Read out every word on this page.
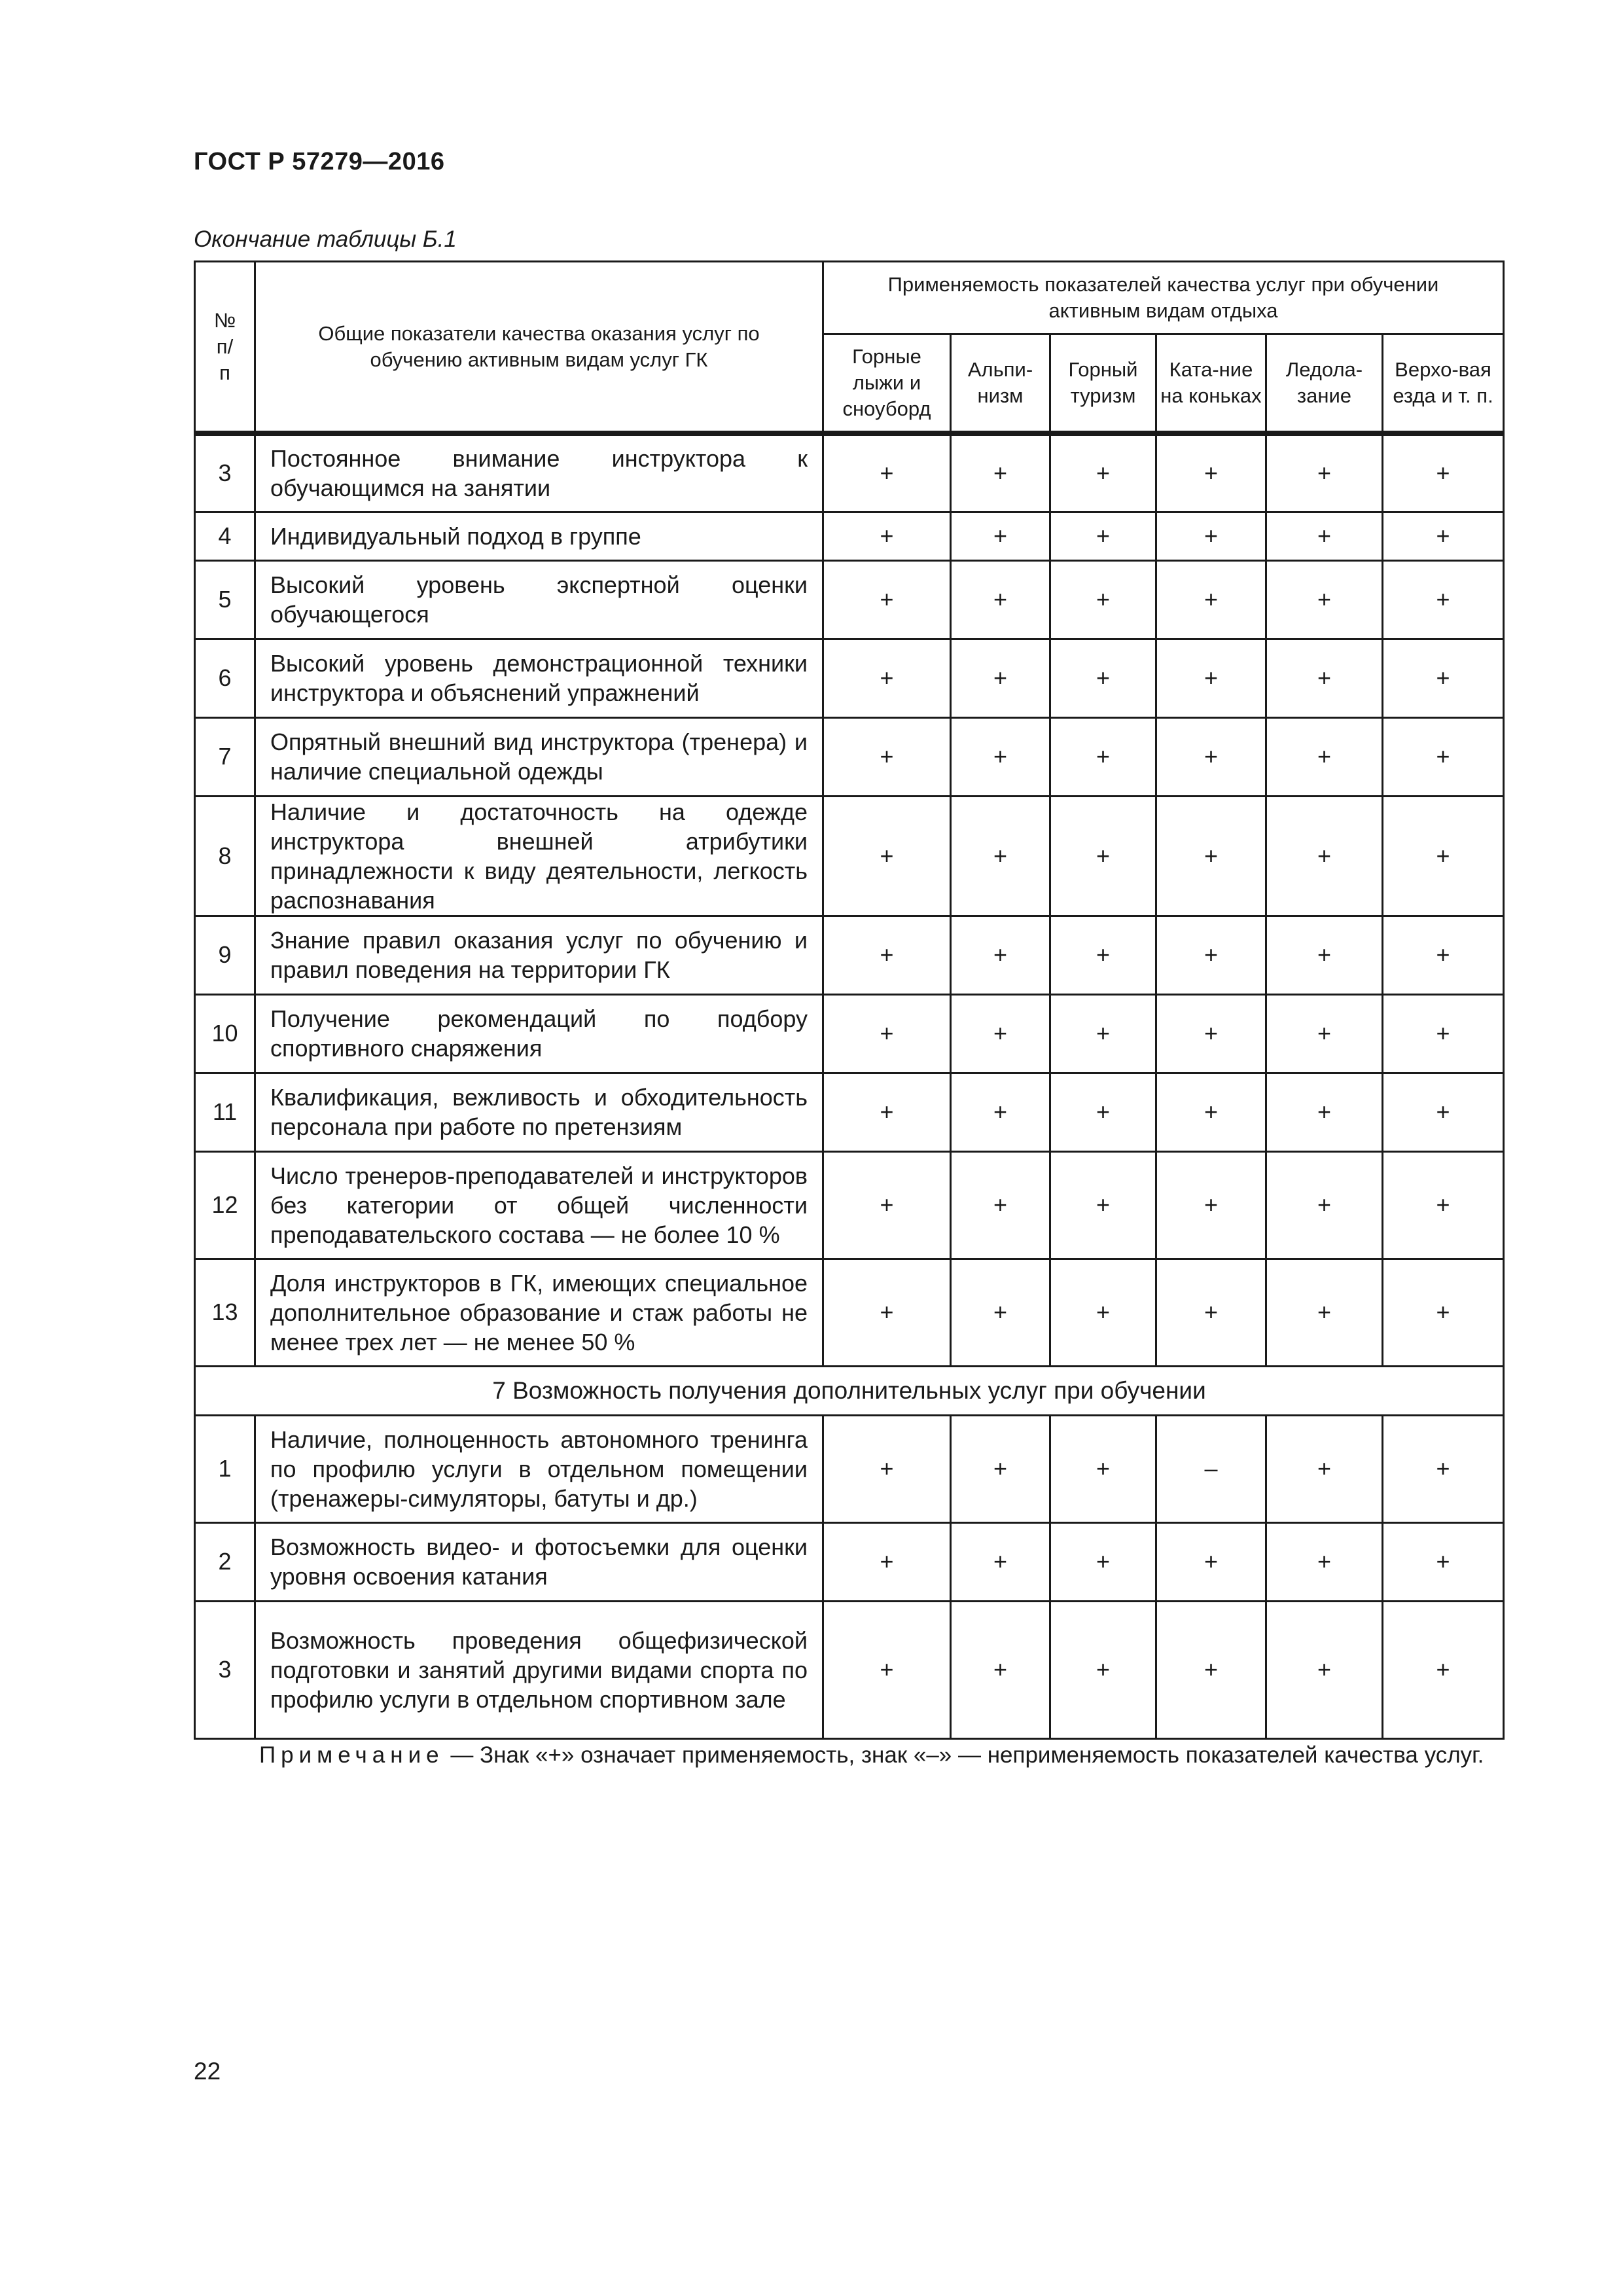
ГОСТ Р 57279—2016
Окончание таблицы Б.1
№ п/п	Общие показатели качества оказания услуг по обучению активным видам услуг ГК	Применяемость показателей качества услуг при обучении активным видам отдыха					
		Горные лыжи и сноуборд	Альпи-низм	Горный туризм	Ката-ние на коньках	Ледола-зание	Верхо-вая езда и т. п.
3	Постоянное внимание инструктора к обучающимся на занятии	+	+	+	+	+	+
4	Индивидуальный подход в группе	+	+	+	+	+	+
5	Высокий уровень экспертной оценки обучающегося	+	+	+	+	+	+
6	Высокий уровень демонстрационной техники инструктора и объяснений упражнений	+	+	+	+	+	+
7	Опрятный внешний вид инструктора (тренера) и наличие специальной одежды	+	+	+	+	+	+
8	Наличие и достаточность на одежде инструктора внешней атрибутики принадлежности к виду деятельности, легкость распознавания	+	+	+	+	+	+
9	Знание правил оказания услуг по обучению и правил поведения на территории ГК	+	+	+	+	+	+
10	Получение рекомендаций по подбору спортивного снаряжения	+	+	+	+	+	+
11	Квалификация, вежливость и обходительность персонала при работе по претензиям	+	+	+	+	+	+
12	Число тренеров-преподавателей и инструкторов без категории от общей численности преподавательского состава — не более 10 %	+	+	+	+	+	+
13	Доля инструкторов в ГК, имеющих специальное дополнительное образование и стаж работы не менее трех лет — не менее 50 %	+	+	+	+	+	+
7 Возможность получения дополнительных услуг при обучении							
1	Наличие, полноценность автономного тренинга по профилю услуги в отдельном помещении (тренажеры-симуляторы, батуты и др.)	+	+	+	–	+	+
2	Возможность видео- и фотосъемки для оценки уровня освоения катания	+	+	+	+	+	+
3	Возможность проведения общефизической подготовки и занятий другими видами спорта по профилю услуги в отдельном спортивном зале	+	+	+	+	+	+
Примечание — Знак «+» означает применяемость, знак «–» — неприменяемость показателей качества услуг.
22
